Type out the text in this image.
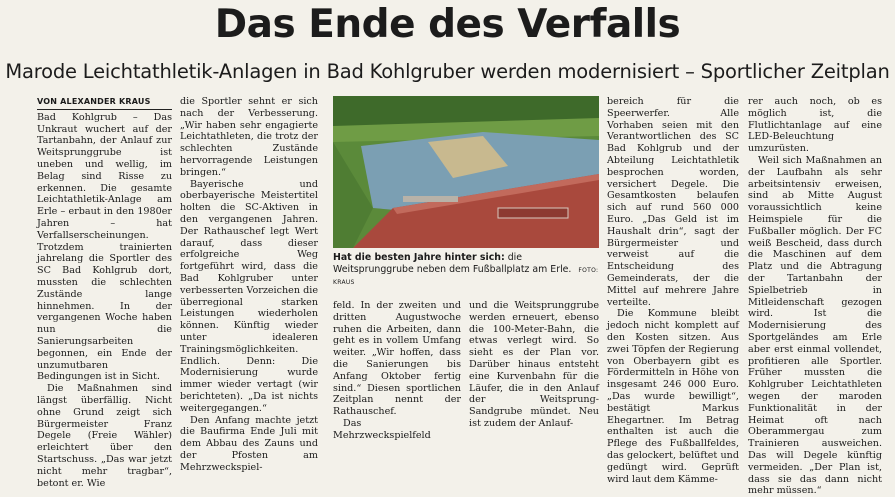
Das Ende des Verfalls
Marode Leichtathletik-Anlagen in Bad Kohlgruber werden modernisiert – Sportlicher Zeitplan
VON ALEXANDER KRAUS

Bad Kohlgrub – Das Unkraut wuchert auf der Tartanbahn, der Anlauf zur Weitsprunggrube ist uneben und wellig, im Belag sind Risse zu erkennen. Die gesamte Leichtathletik-Anlage am Erle – erbaut in den 1980er Jahren – hat Verfallserscheinungen. Trotzdem trainierten jahrelang die Sportler des SC Bad Kohlgrub dort, mussten die schlechten Zustände lange hinnehmen. In der vergangenen Woche haben nun die Sanierungsarbeiten begonnen, ein Ende der unzumutbaren Bedingungen ist in Sicht.

Die Maßnahmen sind längst überfällig. Nicht ohne Grund zeigt sich Bürgermeister Franz Degele (Freie Wähler) erleichtert über den Startschuss. „Das war jetzt nicht mehr tragbar“, betont er. Wie

die Sportler sehnt er sich nach der Verbesserung. „Wir haben sehr engagierte Leichtathleten, die trotz der schlechten Zustände hervorragende Leistungen bringen.“

Bayerische und oberbayerische Meistertitel holten die SC-Aktiven in den vergangenen Jahren. Der Rathauschef legt Wert darauf, dass dieser erfolgreiche Weg fortgeführt wird, dass die Bad Kohlgruber unter verbesserten Vorzeichen die überregional starken Leistungen wiederholen können. Künftig wieder unter idealeren Trainingsmöglichkeiten. Endlich. Denn: Die Modernisierung wurde immer wieder vertagt (wir berichteten). „Da ist nichts weitergegangen.“

Den Anfang machte jetzt die Baufirma Ende Juli mit dem Abbau des Zauns und der Pfosten am Mehrzweckspiel-

Hat die besten Jahre hinter sich: die Weitsprunggrube neben dem Fußballplatz am Erle. FOTO: KRAUS

feld. In der zweiten und dritten Augustwoche ruhen die Arbeiten, dann geht es in vollem Umfang weiter. „Wir hoffen, dass die Sanierungen bis Anfang Oktober fertig sind.“ Diesen sportlichen Zeitplan nennt der Rathauschef.

Das Mehrzweckspielfeld

und die Weitsprunggrube werden erneuert, ebenso die 100-Meter-Bahn, die etwas verlegt wird. So sieht es der Plan vor. Darüber hinaus entsteht eine Kurvenbahn für die Läufer, die in den Anlauf der Weitsprung-Sandgrube mündet. Neu ist zudem der Anlauf-

bereich für die Speerwerfer. Alle Vorhaben seien mit den Verantwortlichen des SC Bad Kohlgrub und der Abteilung Leichtathletik besprochen worden, versichert Degele. Die Gesamtkosten belaufen sich auf rund 560 000 Euro. „Das Geld ist im Haushalt drin“, sagt der Bürgermeister und verweist auf die Entscheidung des Gemeinderats, der die Mittel auf mehrere Jahre verteilte.

Die Kommune bleibt jedoch nicht komplett auf den Kosten sitzen. Aus zwei Töpfen der Regierung von Oberbayern gibt es Fördermitteln in Höhe von insgesamt 246 000 Euro. „Das wurde bewilligt“, bestätigt Markus Ehegartner. Im Betrag enthalten ist auch die Pflege des Fußballfeldes, das gelockert, belüftet und gedüngt wird. Geprüft wird laut dem Kämme-

rer auch noch, ob es möglich ist, die Flutlichtanlage auf eine LED-Beleuchtung umzurüsten.

Weil sich Maßnahmen an der Laufbahn als sehr arbeitsintensiv erweisen, sind ab Mitte August voraussichtlich keine Heimspiele für die Fußballer möglich. Der FC weiß Bescheid, dass durch die Maschinen auf dem Platz und die Abtragung der Tartanbahn der Spielbetrieb in Mitleidenschaft gezogen wird. Ist die Modernisierung des Sportgeländes am Erle aber erst einmal vollendet, profitieren alle Sportler. Früher mussten die Kohlgruber Leichtathleten wegen der maroden Funktionalität in der Heimat oft nach Oberammergau zum Trainieren ausweichen. Das will Degele künftig vermeiden. „Der Plan ist, dass sie das dann nicht mehr müssen.“
